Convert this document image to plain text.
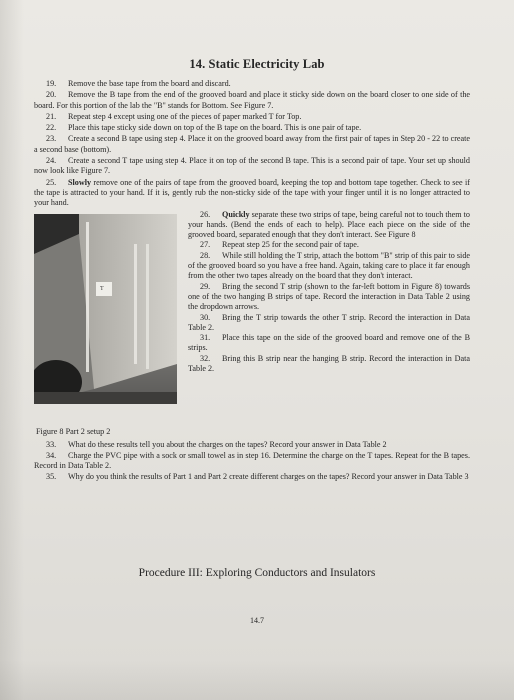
14. Static Electricity Lab

19. Remove the base tape from the board and discard.

20. Remove the B tape from the end of the grooved board and place it sticky side down on the board closer to one side of the board. For this portion of the lab the "B" stands for Bottom. See Figure 7.

21. Repeat step 4 except using one of the pieces of paper marked T for Top.

22. Place this tape sticky side down on top of the B tape on the board. This is one pair of tape.

23. Create a second B tape using step 4. Place it on the grooved board away from the first pair of tapes in Step 20 - 22 to create a second base (bottom).

24. Create a second T tape using step 4. Place it on top of the second B tape. This is a second pair of tape. Your set up should now look like Figure 7.

25. Slowly remove one of the pairs of tape from the grooved board, keeping the top and bottom tape together. Check to see if the tape is attracted to your hand. If it is, gently rub the non-sticky side of the tape with your finger until it is no longer attracted to your hand.

T
Figure 8 Part 2 setup 2

26. Quickly separate these two strips of tape, being careful not to touch them to your hands. (Bend the ends of each to help). Place each piece on the side of the grooved board, separated enough that they don't interact. See Figure 8

27. Repeat step 25 for the second pair of tape.

28. While still holding the T strip, attach the bottom "B" strip of this pair to side of the grooved board so you have a free hand. Again, taking care to place it far enough from the other two tapes already on the board that they don't interact.

29. Bring the second T strip (shown to the far-left bottom in Figure 8) towards one of the two hanging B strips of tape. Record the interaction in Data Table 2 using the dropdown arrows.

30. Bring the T strip towards the other T strip. Record the interaction in Data Table 2.

31. Place this tape on the side of the grooved board and remove one of the B strips.

32. Bring this B strip near the hanging B strip. Record the interaction in Data Table 2.

33. What do these results tell you about the charges on the tapes? Record your answer in Data Table 2

34. Charge the PVC pipe with a sock or small towel as in step 16. Determine the charge on the T tapes. Repeat for the B tapes. Record in Data Table 2.

35. Why do you think the results of Part 1 and Part 2 create different charges on the tapes? Record your answer in Data Table 3

Procedure III: Exploring Conductors and Insulators
14.7
